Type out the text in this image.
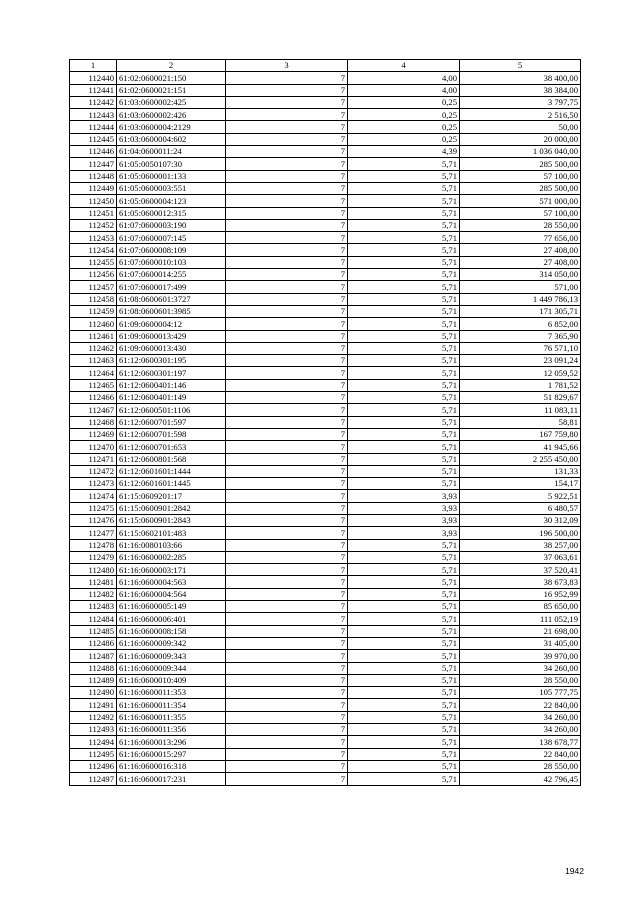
1	2	3	4	5
112440	61:02:0600021:150	7	4,00	38 400,00
112441	61:02:0600021:151	7	4,00	38 384,00
112442	61:03:0600002:425	7	0,25	3 797,75
112443	61:03:0600002:426	7	0,25	2 516,50
112444	61:03:0600004:2129	7	0,25	50,00
112445	61:03:0600004:602	7	0,25	20 000,00
112446	61:04:0600011:24	7	4,39	1 036 040,00
112447	61:05:0050107:30	7	5,71	285 500,00
112448	61:05:0600001:133	7	5,71	57 100,00
112449	61:05:0600003:551	7	5,71	285 500,00
112450	61:05:0600004:123	7	5,71	571 000,00
112451	61:05:0600012:315	7	5,71	57 100,00
112452	61:07:0600003:190	7	5,71	28 550,00
112453	61:07:0600007:145	7	5,71	77 656,00
112454	61:07:0600008:109	7	5,71	27 408,00
112455	61:07:0600010:103	7	5,71	27 408,00
112456	61:07:0600014:255	7	5,71	314 050,00
112457	61:07:0600017:499	7	5,71	571,00
112458	61:08:0600601:3727	7	5,71	1 449 786,13
112459	61:08:0600601:3985	7	5,71	171 305,71
112460	61:09:0600004:12	7	5,71	6 852,00
112461	61:09:0600013:429	7	5,71	7 365,90
112462	61:09:0600013:430	7	5,71	76 571,10
112463	61:12:0600301:195	7	5,71	23 091,24
112464	61:12:0600301:197	7	5,71	12 059,52
112465	61:12:0600401:146	7	5,71	1 781,52
112466	61:12:0600401:149	7	5,71	51 829,67
112467	61:12:0600501:1106	7	5,71	11 083,11
112468	61:12:0600701:597	7	5,71	58,81
112469	61:12:0600701:598	7	5,71	167 759,80
112470	61:12:0600701:653	7	5,71	41 945,66
112471	61:12:0600801:568	7	5,71	2 255 450,00
112472	61:12:0601601:1444	7	5,71	131,33
112473	61:12:0601601:1445	7	5,71	154,17
112474	61:15:0609201:17	7	3,93	5 922,51
112475	61:15:0600901:2842	7	3,93	6 480,57
112476	61:15:0600901:2843	7	3,93	30 312,09
112477	61:15:0602101:483	7	3,93	196 500,00
112478	61:16:0080103:66	7	5,71	38 257,00
112479	61:16:0600002:285	7	5,71	37 063,61
112480	61:16:0600003:171	7	5,71	37 520,41
112481	61:16:0600004:563	7	5,71	38 673,83
112482	61:16:0600004:564	7	5,71	16 952,99
112483	61:16:0600005:149	7	5,71	85 650,00
112484	61:16:0600006:401	7	5,71	111 052,19
112485	61:16:0600008:158	7	5,71	21 698,00
112486	61:16:0600009:342	7	5,71	31 405,00
112487	61:16:0600009:343	7	5,71	39 970,00
112488	61:16:0600009:344	7	5,71	34 260,00
112489	61:16:0600010:409	7	5,71	28 550,00
112490	61:16:0600011:353	7	5,71	105 777,75
112491	61:16:0600011:354	7	5,71	22 840,00
112492	61:16:0600011:355	7	5,71	34 260,00
112493	61:16:0600011:356	7	5,71	34 260,00
112494	61:16:0600013:296	7	5,71	138 678,77
112495	61:16:0600015:297	7	5,71	22 840,00
112496	61:16:0600016:318	7	5,71	28 550,00
112497	61:16:0600017:231	7	5,71	42 796,45
1942
